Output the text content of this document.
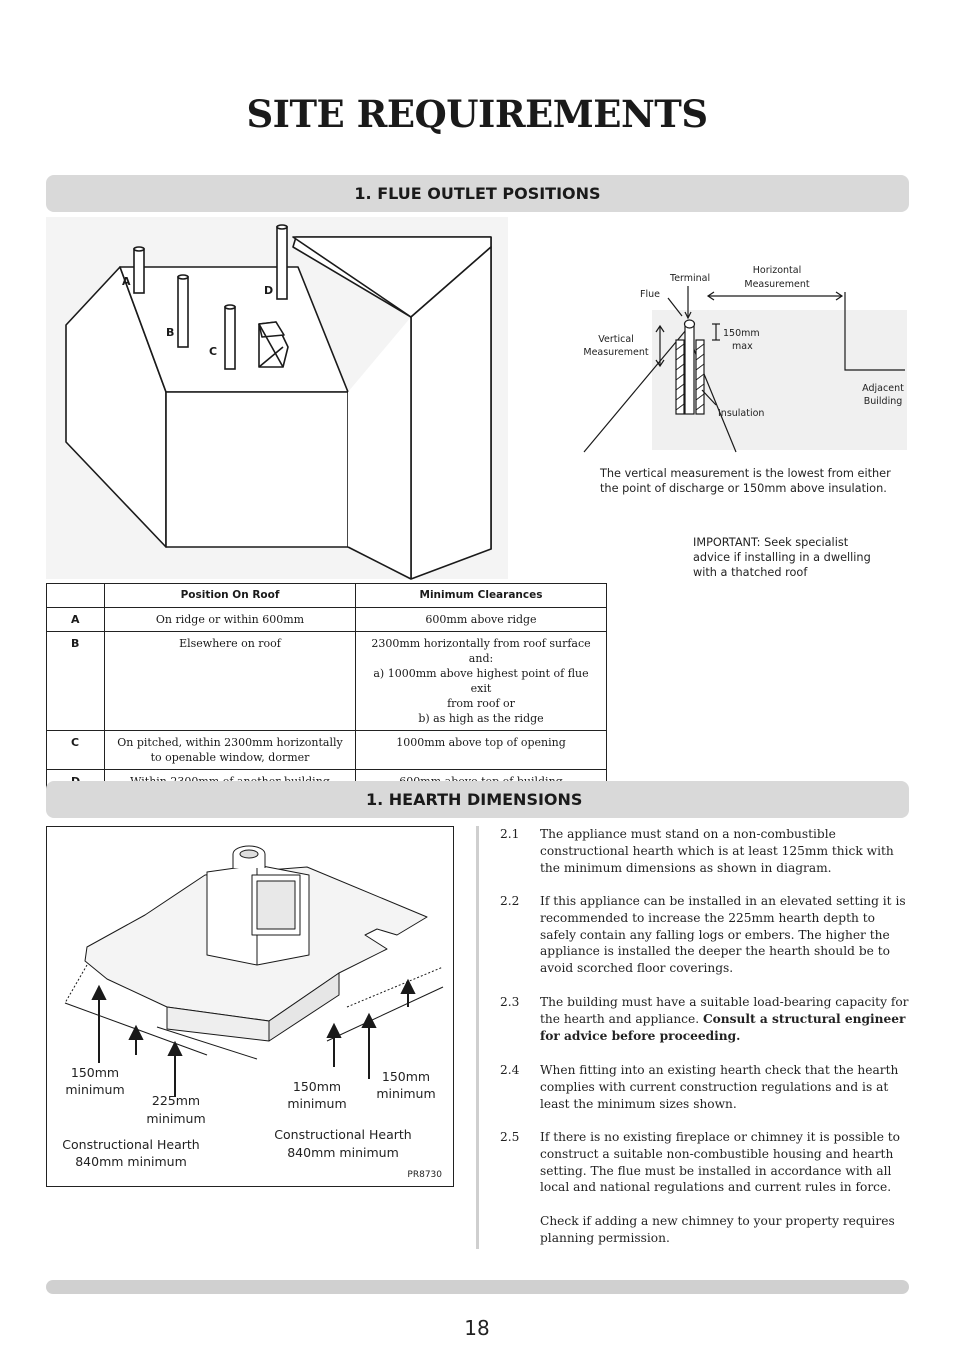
SITE REQUIREMENTS
1. FLUE OUTLET POSITIONS
A
B
C
D
Terminal
Flue
Horizontal
Measurement
Vertical
Measurement
150mm
max
Adjacent
Building
Insulation
The vertical measurement is the lowest from either the point of discharge or 150mm above insulation.
IMPORTANT: Seek specialist advice if installing in a dwelling with a thatched roof
	Position On Roof	Minimum Clearances
A	On ridge or within 600mm	600mm above ridge
B	Elsewhere on roof	2300mm horizontally from roof surface and:
a) 1000mm above highest point of flue exit
from roof or
b) as high as the ridge

C	On pitched, within 2300mm horizontally to openable window, dormer	1000mm above top of opening

1. HEARTH DIMENSIONS
150mm
minimum
225mm
minimum
150mm
minimum
150mm
minimum
Constructional Hearth
840mm minimum
Constructional Hearth
840mm minimum
PR8730
2.1 The appliance must stand on a non-combustible constructional hearth which is at least 125mm thick with the minimum dimensions as shown in diagram.
2.2 If this appliance can be installed in an elevated setting it is recommended to increase the 225mm hearth depth to safely contain any falling logs or embers. The higher the appliance is installed the deeper the hearth should be to avoid scorched floor coverings.
2.3 The building must have a suitable load-bearing capacity for the hearth and appliance. Consult a structural engineer for advice before proceeding.
2.4 When fitting into an existing hearth check that the hearth complies with current construction regulations and is at least the minimum sizes shown.
2.5 If there is no existing fireplace or chimney it is possible to construct a suitable non-combustible housing and hearth setting. The flue must be installed in accordance with all local and national regulations and current rules in force.
Check if adding a new chimney to your property requires planning permission.
18
